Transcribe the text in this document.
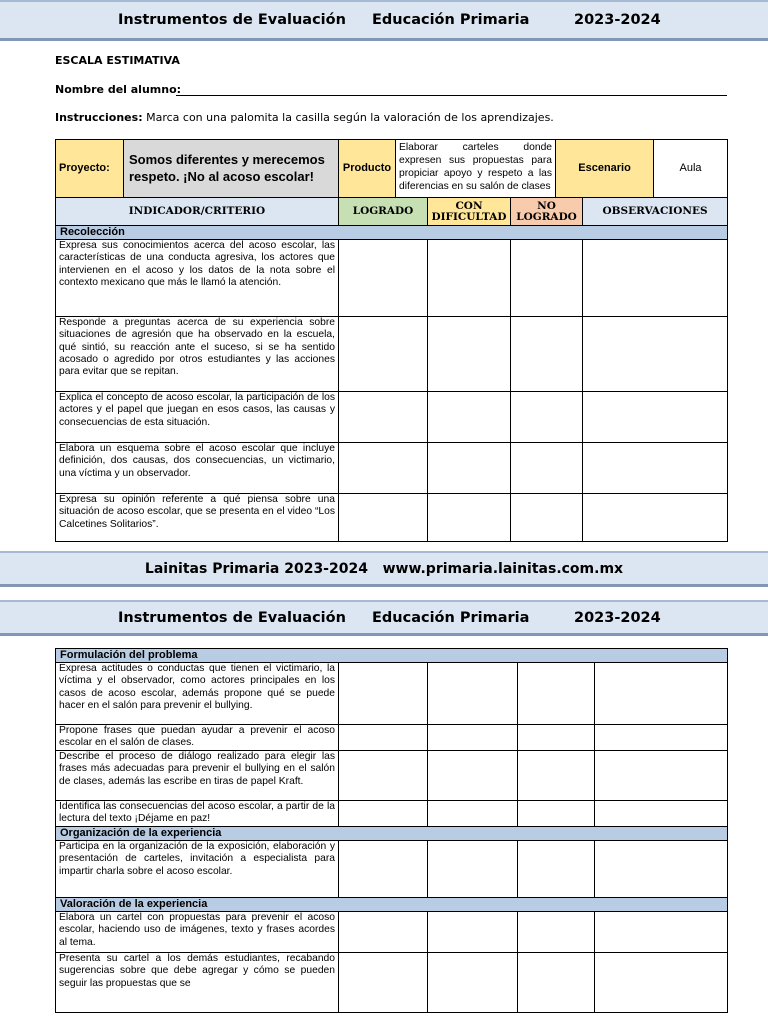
Instrumentos de Evaluación Educación Primaria	2023-2024
ESCALA ESTIMATIVA
Nombre del alumno:
Instrucciones: Marca con una palomita la casilla según la valoración de los aprendizajes.
Proyecto:	Somos diferentes y merecemos respeto. ¡No al acoso escolar!	Producto	Elaborar carteles donde expresen sus propuestas para propiciar apoyo y respeto a las diferencias en su salón de clases			Escenario		Aula
INDICADOR/CRITERIO		LOGRADO		CON DIFICULTAD	NO LOGRADO		OBSERVACIONES	
Recolección								
Expresa sus conocimientos acerca del acoso escolar, las características de una conducta agresiva, los actores que intervienen en el acoso y los datos de la nota sobre el contexto mexicano que más le llamó la atención.								
Responde a preguntas acerca de su experiencia sobre situaciones de agresión que ha observado en la escuela, qué sintió, su reacción ante el suceso, si se ha sentido acosado o agredido por otros estudiantes y las acciones para evitar que se repitan.								
Explica el concepto de acoso escolar, la participación de los actores y el papel que juegan en esos casos, las causas y consecuencias de esta situación.								
Elabora un esquema sobre el acoso escolar que incluye definición, dos causas, dos consecuencias, un victimario, una víctima y un observador.								
Expresa su opinión referente a qué piensa sobre una situación de acoso escolar, que se presenta en el video “Los Calcetines Solitarios”.								
Lainitas Primaria 2023-2024   www.primaria.lainitas.com.mx
Instrumentos de Evaluación Educación Primaria	2023-2024
Formulación del problema				
Expresa actitudes o conductas que tienen el victimario, la víctima y el observador, como actores principales en los casos de acoso escolar, además propone qué se puede hacer en el salón para prevenir el bullying.				
Propone frases que puedan ayudar a prevenir el acoso escolar en el salón de clases.				
Describe el proceso de diálogo realizado para elegir las frases más adecuadas para prevenir el bullying en el salón de clases, además las escribe en tiras de papel Kraft.				
Identifica las consecuencias del acoso escolar, a partir de la lectura del texto ¡Déjame en paz!				
Organización de la experiencia				
Participa en la organización de la exposición, elaboración y presentación de carteles, invitación a especialista para impartir charla sobre el acoso escolar.				
Valoración de la experiencia				
Elabora un cartel con propuestas para prevenir el acoso escolar, haciendo uso de imágenes, texto y frases acordes al tema.				
Presenta su cartel a los demás estudiantes, recabando sugerencias sobre que debe agregar y cómo se pueden seguir las propuestas que se				
